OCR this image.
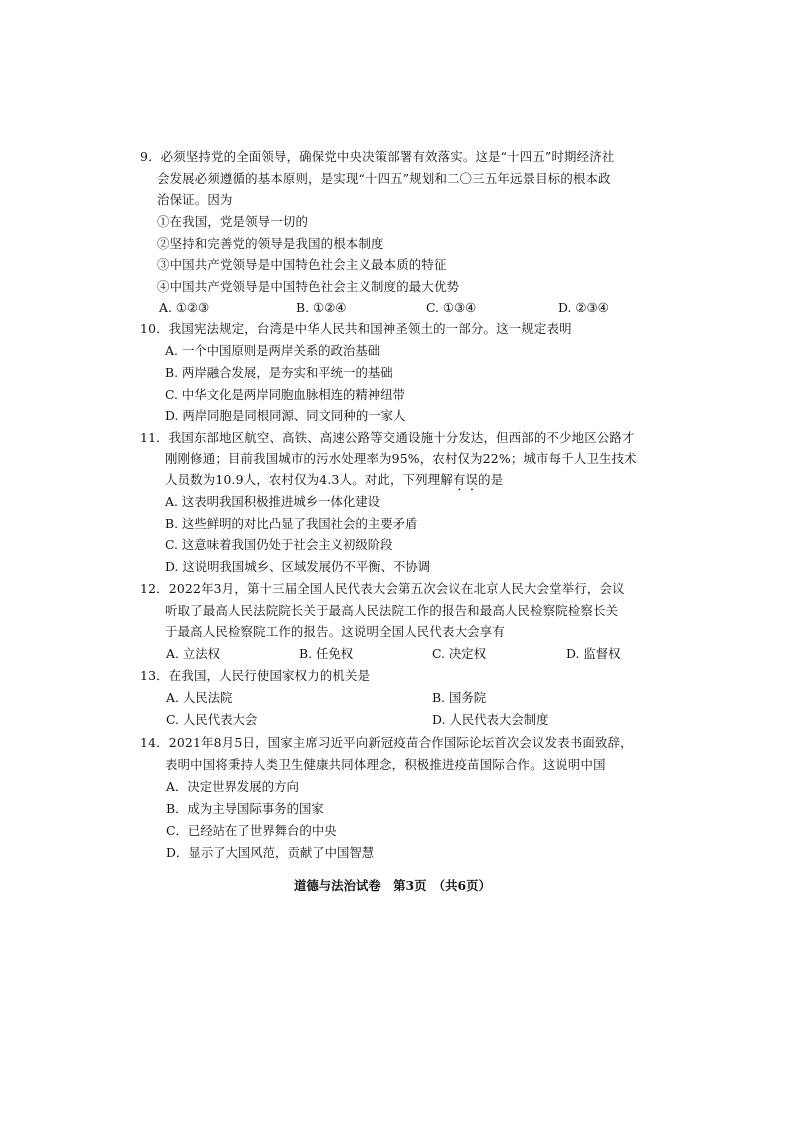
9．必须坚持党的全面领导，确保党中央决策部署有效落实。这是“十四五”时期经济社
会发展必须遵循的基本原则，是实现“十四五”规划和二〇三五年远景目标的根本政
治保证。因为
①在我国，党是领导一切的
②坚持和完善党的领导是我国的根本制度
③中国共产党领导是中国特色社会主义最本质的特征
④中国共产党领导是中国特色社会主义制度的最大优势
A. ①②③	B. ①②④	C. ①③④	D. ②③④
10．我国宪法规定，台湾是中华人民共和国神圣领土的一部分。这一规定表明
A. 一个中国原则是两岸关系的政治基础
B. 两岸融合发展，是夯实和平统一的基础
C. 中华文化是两岸同胞血脉相连的精神纽带
D. 两岸同胞是同根同源、同文同种的一家人
11．我国东部地区航空、高铁、高速公路等交通设施十分发达，但西部的不少地区公路才
刚刚修通；目前我国城市的污水处理率为95%，农村仅为22%；城市每千人卫生技术
人员数为10.9人，农村仅为4.3人。对此，下列理解有误的是
A. 这表明我国积极推进城乡一体化建设
B. 这些鲜明的对比凸显了我国社会的主要矛盾
C. 这意味着我国仍处于社会主义初级阶段
D. 这说明我国城乡、区域发展仍不平衡、不协调
12．2022年3月，第十三届全国人民代表大会第五次会议在北京人民大会堂举行，会议
听取了最高人民法院院长关于最高人民法院工作的报告和最高人民检察院检察长关
于最高人民检察院工作的报告。这说明全国人民代表大会享有
A. 立法权	B. 任免权	C. 决定权	D. 监督权
13．在我国，人民行使国家权力的机关是
A. 人民法院	B. 国务院
C. 人民代表大会	D. 人民代表大会制度
14．2021年8月5日，国家主席习近平向新冠疫苗合作国际论坛首次会议发表书面致辞，
表明中国将秉持人类卫生健康共同体理念，积极推进疫苗国际合作。这说明中国
A．决定世界发展的方向
B．成为主导国际事务的国家
C．已经站在了世界舞台的中央
D．显示了大国风范，贡献了中国智慧
道德与法治试卷　第3页　（共6页）
